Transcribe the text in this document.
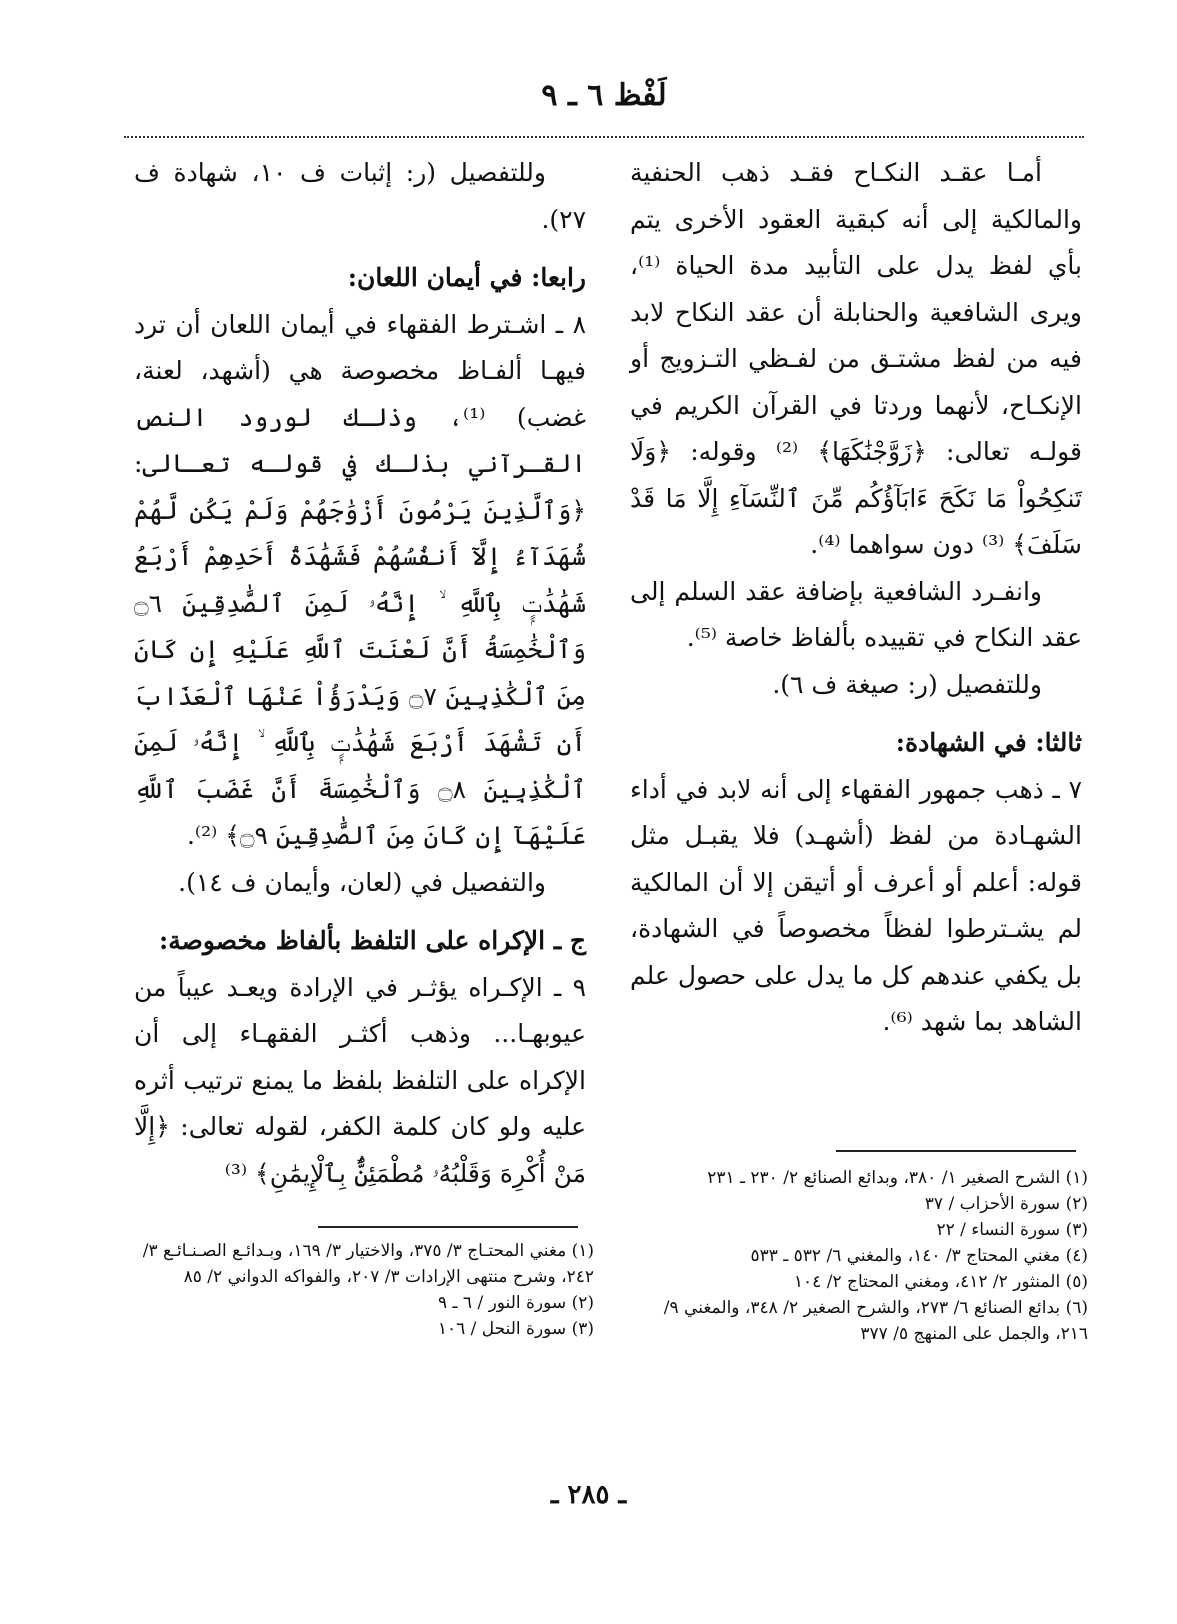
لَفْظ ٦ ـ ٩

أمـا عقـد النكـاح فقـد ذهب الحنفية والمالكية إلى أنه كبقية العقود الأخرى يتم بأي لفظ يدل على التأبيد مدة الحياة ⁽¹⁾، ويرى الشافعية والحنابلة أن عقد النكاح لابد فيه من لفظ مشتـق من لفـظي التـزويج أو الإنكـاح، لأنهما وردتا في القرآن الكريم في قولـه تعالى: ﴿زَوَّجْنَٰكَهَا﴾ ⁽²⁾ وقوله: ﴿وَلَا تَنكِحُواْ مَا نَكَحَ ءَابَآؤُكُم مِّنَ ٱلنِّسَآءِ إِلَّا مَا قَدْ سَلَفَ﴾ ⁽³⁾ دون سواهما ⁽⁴⁾.

وانفـرد الشافعية بإضافة عقد السلم إلى عقد النكاح في تقييده بألفاظ خاصة ⁽⁵⁾.

وللتفصيل (ر: صيغة ف ٦).

ثالثا: في الشهادة:

٧ ـ ذهب جمهور الفقهاء إلى أنه لابد في أداء الشهـادة من لفظ (أشهـد) فلا يقبـل مثل قوله: أعلم أو أعرف أو أتيقن إلا أن المالكية لم يشـترطوا لفظاً مخصوصاً في الشهادة، بل يكفي عندهم كل ما يدل على حصول علم الشاهد بما شهد ⁽⁶⁾.

وللتفصيل (ر: إثبات ف ١٠، شهادة ف ٢٧).

رابعا: في أيمان اللعان:

٨ ـ اشـترط الفقهاء في أيمان اللعان أن ترد فيهـا ألفـاظ مخصوصة هي (أشهد، لعنة، غضب) ⁽¹⁾، وذلـك لورود النص القـرآني بذلـك في قولـه تعـالى: ﴿وَٱلَّذِينَ يَرْمُونَ أَزْوَٰجَهُمْ وَلَمْ يَكُن لَّهُمْ شُهَدَآءُ إِلَّآ أَنفُسُهُمْ فَشَهَٰدَةُ أَحَدِهِمْ أَرْبَعُ شَهَٰدَٰتٍۭ بِٱللَّهِ ۙ إِنَّهُۥ لَمِنَ ٱلصَّٰدِقِينَ ۝٦ وَٱلْخَٰمِسَةُ أَنَّ لَعْنَتَ ٱللَّهِ عَلَيْهِ إِن كَانَ مِنَ ٱلْكَٰذِبِينَ ۝٧ وَيَدْرَؤُاْ عَنْهَا ٱلْعَذَابَ أَن تَشْهَدَ أَرْبَعَ شَهَٰدَٰتٍۭ بِٱللَّهِ ۙ إِنَّهُۥ لَمِنَ ٱلْكَٰذِبِينَ ۝٨ وَٱلْخَٰمِسَةَ أَنَّ غَضَبَ ٱللَّهِ عَلَيْهَآ إِن كَانَ مِنَ ٱلصَّٰدِقِينَ ۝٩﴾ ⁽²⁾.

والتفصيل في (لعان، وأيمان ف ١٤).

ج ـ الإكراه على التلفظ بألفاظ مخصوصة:

٩ ـ الإكـراه يؤثـر في الإرادة ويعـد عيباً من عيوبهـا... وذهب أكثـر الفقهـاء إلى أن الإكراه على التلفظ بلفظ ما يمنع ترتيب أثره عليه ولو كان كلمة الكفر، لقوله تعالى: ﴿إِلَّا مَنْ أُكْرِهَ وَقَلْبُهُۥ مُطْمَئِنٌّۢ بِٱلْإِيمَٰنِ﴾ ⁽³⁾	(١) الشرح الصغير ١/ ٣٨٠، وبدائع الصنائع ٢/ ٢٣٠ ـ ٢٣١

(٢) سورة الأحزاب / ٣٧

(٣) سورة النساء / ٢٢

(٤) مغني المحتاج ٣/ ١٤٠، والمغني ٦/ ٥٣٢ ـ ٥٣٣

(٥) المنثور ٢/ ٤١٢، ومغني المحتاج ٢/ ١٠٤

(٦) بدائع الصنائع ٦/ ٢٧٣، والشرح الصغير ٢/ ٣٤٨، والمغني ٩/ ٢١٦، والجمل على المنهج ٥/ ٣٧٧

(١) مغني المحتـاج ٣/ ٣٧٥، والاختيار ٣/ ١٦٩، وبـدائـع الصـنـائـع ٣/ ٢٤٢، وشرح منتهى الإرادات ٣/ ٢٠٧، والفواكه الدواني ٢/ ٨٥

(٢) سورة النور / ٦ ـ ٩

(٣) سورة النحل / ١٠٦

ـ ٢٨٥ ـ
